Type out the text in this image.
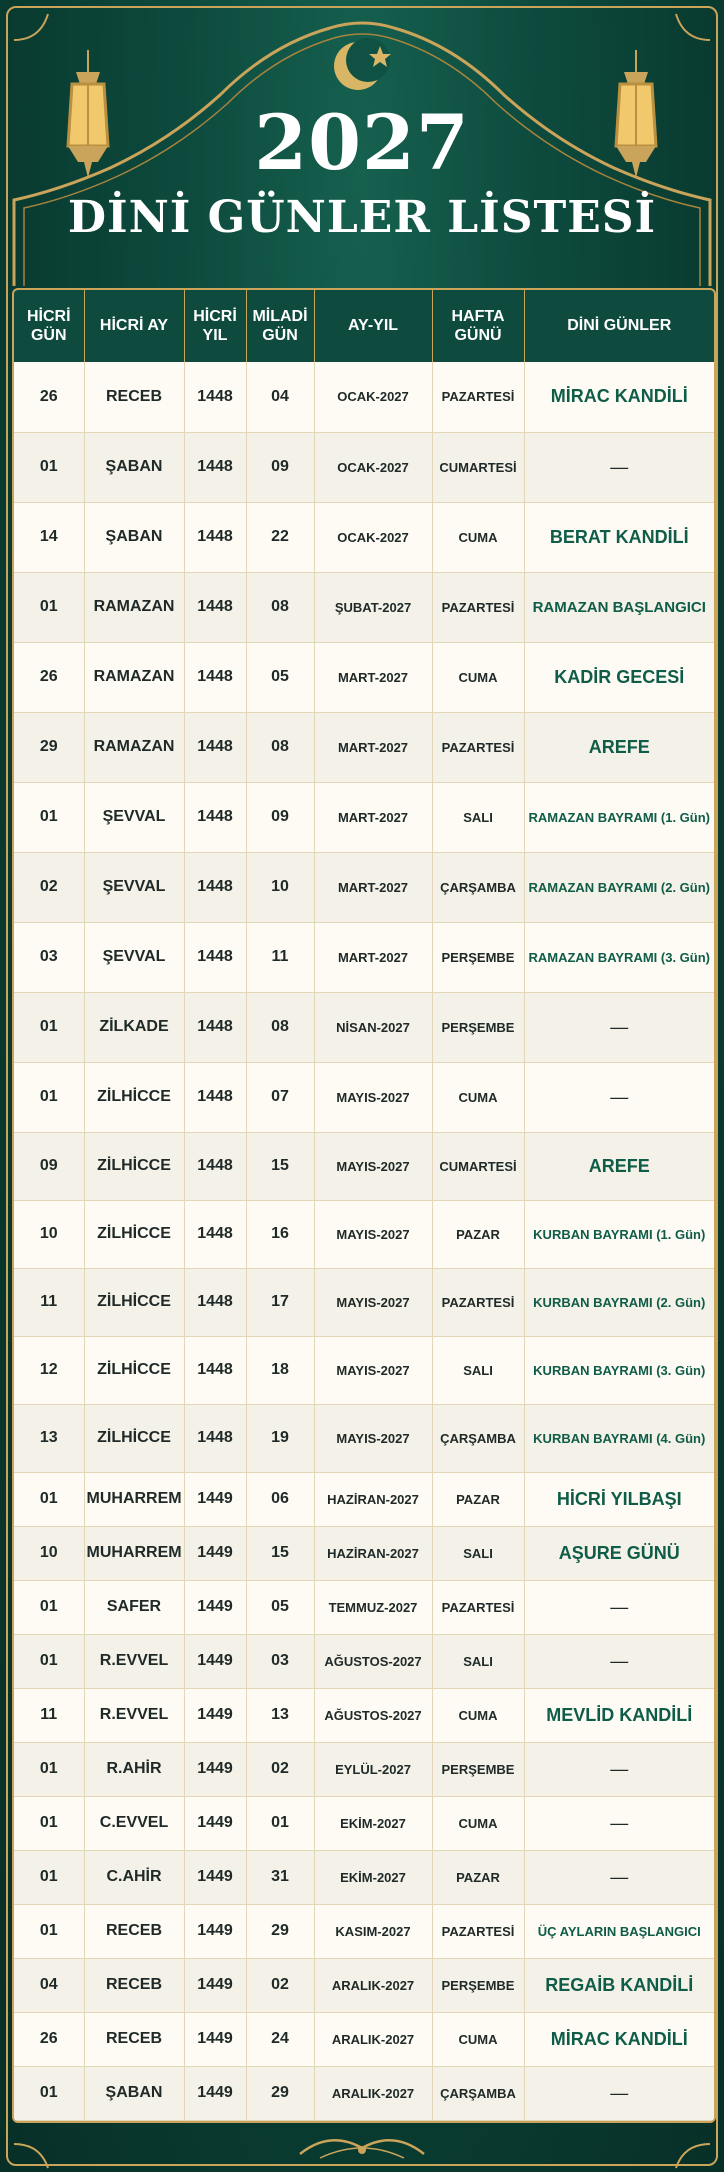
2027
DİNİ GÜNLER LİSTESİ
HİCRİ GÜN	HİCRİ AY	HİCRİ YIL	MİLADİ GÜN	AY-YIL	HAFTA GÜNÜ	DİNİ GÜNLER
26	RECEB	1448	04	OCAK-2027	PAZARTESİ	MİRAC KANDİLİ
01	ŞABAN	1448	09	OCAK-2027	CUMARTESİ	—
14	ŞABAN	1448	22	OCAK-2027	CUMA	BERAT KANDİLİ
01	RAMAZAN	1448	08	ŞUBAT-2027	PAZARTESİ	RAMAZAN BAŞLANGICI
26	RAMAZAN	1448	05	MART-2027	CUMA	KADİR GECESİ
29	RAMAZAN	1448	08	MART-2027	PAZARTESİ	AREFE
01	ŞEVVAL	1448	09	MART-2027	SALI	RAMAZAN BAYRAMI (1. Gün)
02	ŞEVVAL	1448	10	MART-2027	ÇARŞAMBA	RAMAZAN BAYRAMI (2. Gün)
03	ŞEVVAL	1448	11	MART-2027	PERŞEMBE	RAMAZAN BAYRAMI (3. Gün)
01	ZİLKADE	1448	08	NİSAN-2027	PERŞEMBE	—
01	ZİLHİCCE	1448	07	MAYIS-2027	CUMA	—
09	ZİLHİCCE	1448	15	MAYIS-2027	CUMARTESİ	AREFE
10	ZİLHİCCE	1448	16	MAYIS-2027	PAZAR	KURBAN BAYRAMI (1. Gün)
11	ZİLHİCCE	1448	17	MAYIS-2027	PAZARTESİ	KURBAN BAYRAMI (2. Gün)
12	ZİLHİCCE	1448	18	MAYIS-2027	SALI	KURBAN BAYRAMI (3. Gün)
13	ZİLHİCCE	1448	19	MAYIS-2027	ÇARŞAMBA	KURBAN BAYRAMI (4. Gün)
01	MUHARREM	1449	06	HAZİRAN-2027	PAZAR	HİCRİ YILBAŞI
10	MUHARREM	1449	15	HAZİRAN-2027	SALI	AŞURE GÜNÜ
01	SAFER	1449	05	TEMMUZ-2027	PAZARTESİ	—
01	R.EVVEL	1449	03	AĞUSTOS-2027	SALI	—
11	R.EVVEL	1449	13	AĞUSTOS-2027	CUMA	MEVLİD KANDİLİ
01	R.AHİR	1449	02	EYLÜL-2027	PERŞEMBE	—
01	C.EVVEL	1449	01	EKİM-2027	CUMA	—
01	C.AHİR	1449	31	EKİM-2027	PAZAR	—
01	RECEB	1449	29	KASIM-2027	PAZARTESİ	ÜÇ AYLARIN BAŞLANGICI
04	RECEB	1449	02	ARALIK-2027	PERŞEMBE	REGAİB KANDİLİ
26	RECEB	1449	24	ARALIK-2027	CUMA	MİRAC KANDİLİ
01	ŞABAN	1449	29	ARALIK-2027	ÇARŞAMBA	—
